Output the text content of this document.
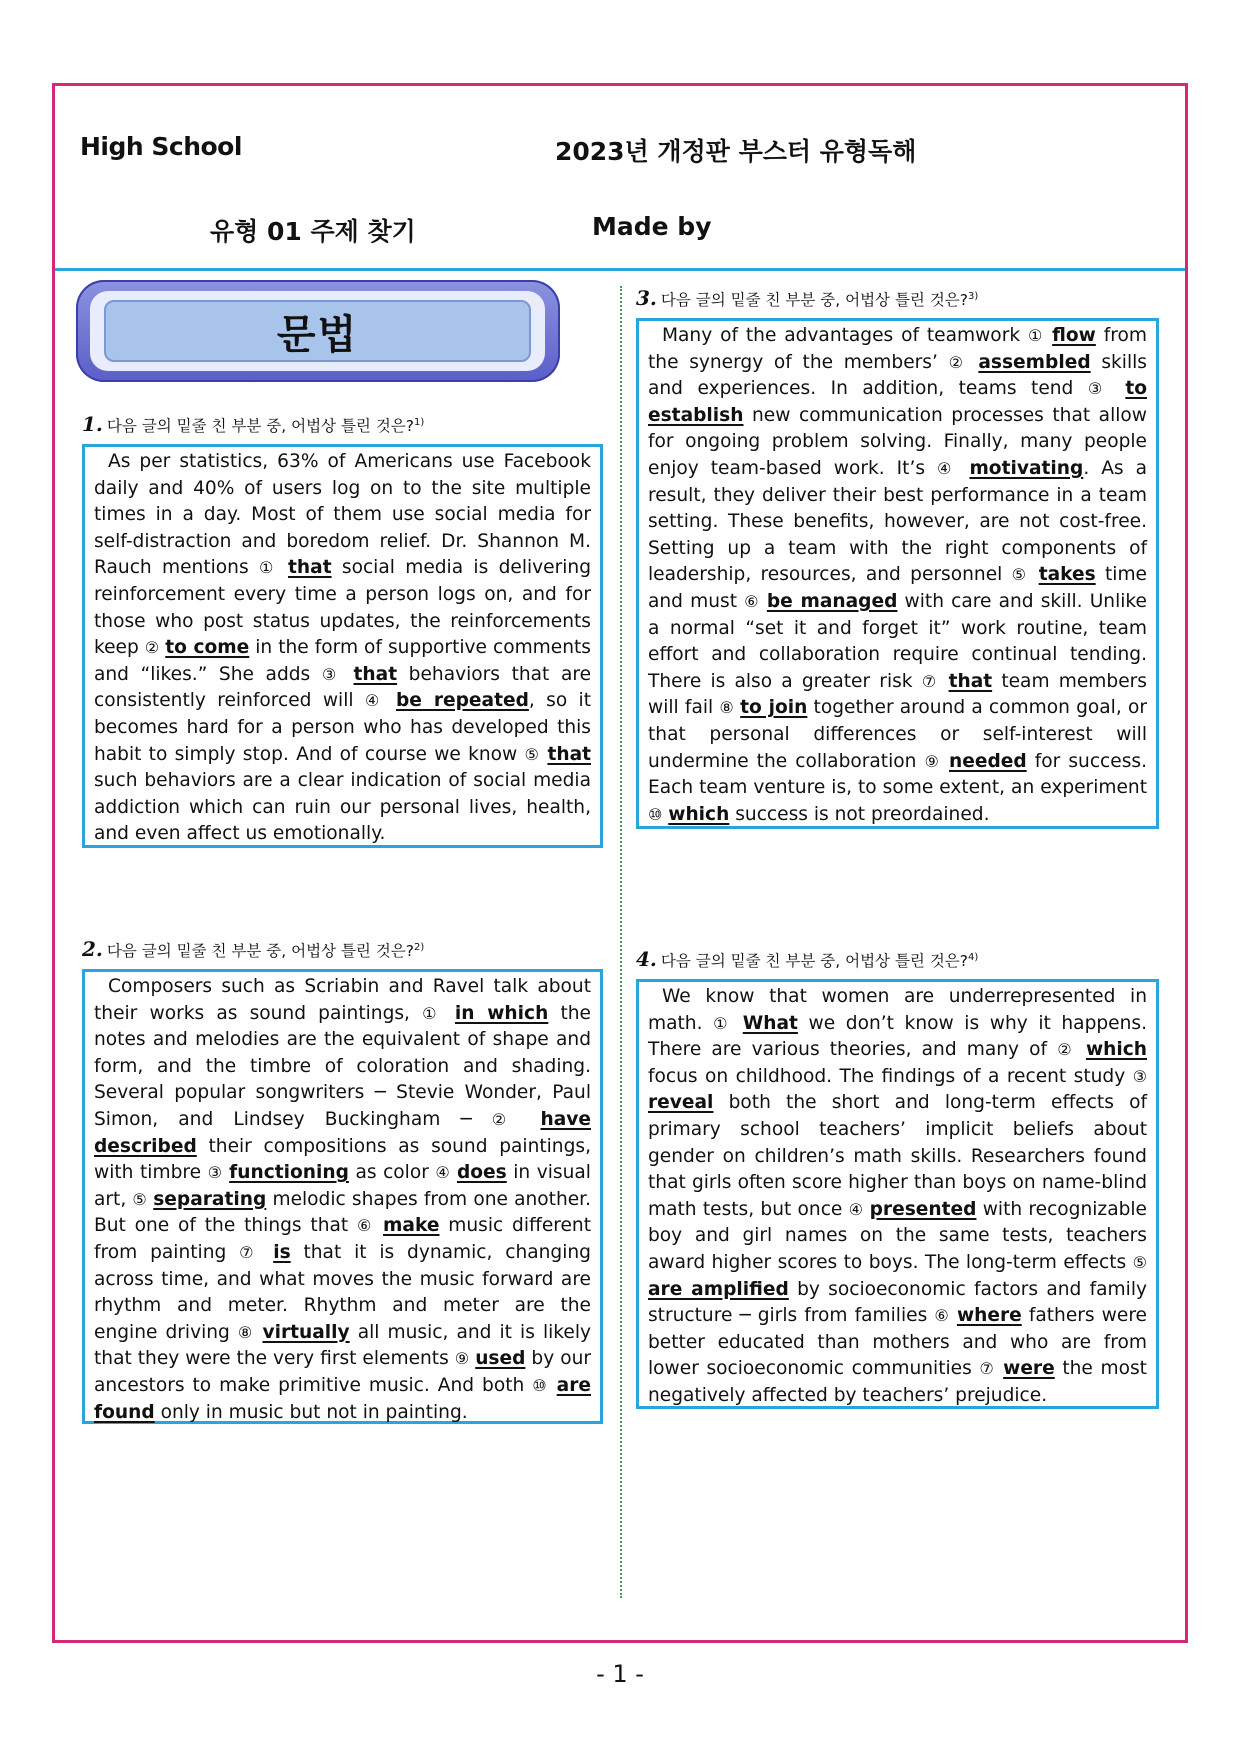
High School	2023년 개정판 부스터 유형독해
유형 01 주제 찾기	Made by
문법
1. 다음 글의 밑줄 친 부분 중, 어법상 틀린 것은?$^{1)}$

As per statistics, 63% of Americans use Facebook daily and 40% of users log on to the site multiple times in a day. Most of them use social media for self-distraction and boredom relief. Dr. Shannon M. Rauch mentions ① that social media is delivering reinforcement every time a person logs on, and for those who post status updates, the reinforcements keep ② to come in the form of supportive comments and “likes.” She adds ③ that behaviors that are consistently reinforced will ④ be repeated, so it becomes hard for a person who has developed this habit to simply stop. And of course we know ⑤ that such behaviors are a clear indication of social media addiction which can ruin our personal lives, health, and even affect us emotionally.

2. 다음 글의 밑줄 친 부분 중, 어법상 틀린 것은?$^{2)}$

Composers such as Scriabin and Ravel talk about their works as sound paintings, ① in which the notes and melodies are the equivalent of shape and form, and the timbre of coloration and shading. Several popular songwriters ─ Stevie Wonder, Paul Simon, and Lindsey Buckingham ─ ② have described their compositions as sound paintings, with timbre ③ functioning as color ④ does in visual art, ⑤ separating melodic shapes from one another. But one of the things that ⑥ make music different from painting ⑦ is that it is dynamic, changing across time, and what moves the music forward are rhythm and meter. Rhythm and meter are the engine driving ⑧ virtually all music, and it is likely that they were the very first elements ⑨ used by our ancestors to make primitive music. And both ⑩ are found only in music but not in painting.

3. 다음 글의 밑줄 친 부분 중, 어법상 틀린 것은?$^{3)}$

Many of the advantages of teamwork ① flow from the synergy of the members’ ② assembled skills and experiences. In addition, teams tend ③ to establish new communication processes that allow for ongoing problem solving. Finally, many people enjoy team-based work. It’s ④ motivating. As a result, they deliver their best performance in a team setting. These benefits, however, are not cost-free. Setting up a team with the right components of leadership, resources, and personnel ⑤ takes time and must ⑥ be managed with care and skill. Unlike a normal “set it and forget it” work routine, team effort and collaboration require continual tending. There is also a greater risk ⑦ that team members will fail ⑧ to join together around a common goal, or that personal differences or self-interest will undermine the collaboration ⑨ needed for success. Each team venture is, to some extent, an experiment ⑩ which success is not preordained.

4. 다음 글의 밑줄 친 부분 중, 어법상 틀린 것은?$^{4)}$

We know that women are underrepresented in math. ① What we don’t know is why it happens. There are various theories, and many of ② which focus on childhood. The findings of a recent study ③ reveal both the short and long-term effects of primary school teachers’ implicit beliefs about gender on children’s math skills. Researchers found that girls often score higher than boys on name-blind math tests, but once ④ presented with recognizable boy and girl names on the same tests, teachers award higher scores to boys. The long-term effects ⑤ are amplified by socioeconomic factors and family structure ─ girls from families ⑥ where fathers were better educated than mothers and who are from lower socioeconomic communities ⑦ were the most negatively affected by teachers’ prejudice.

- 1 -
